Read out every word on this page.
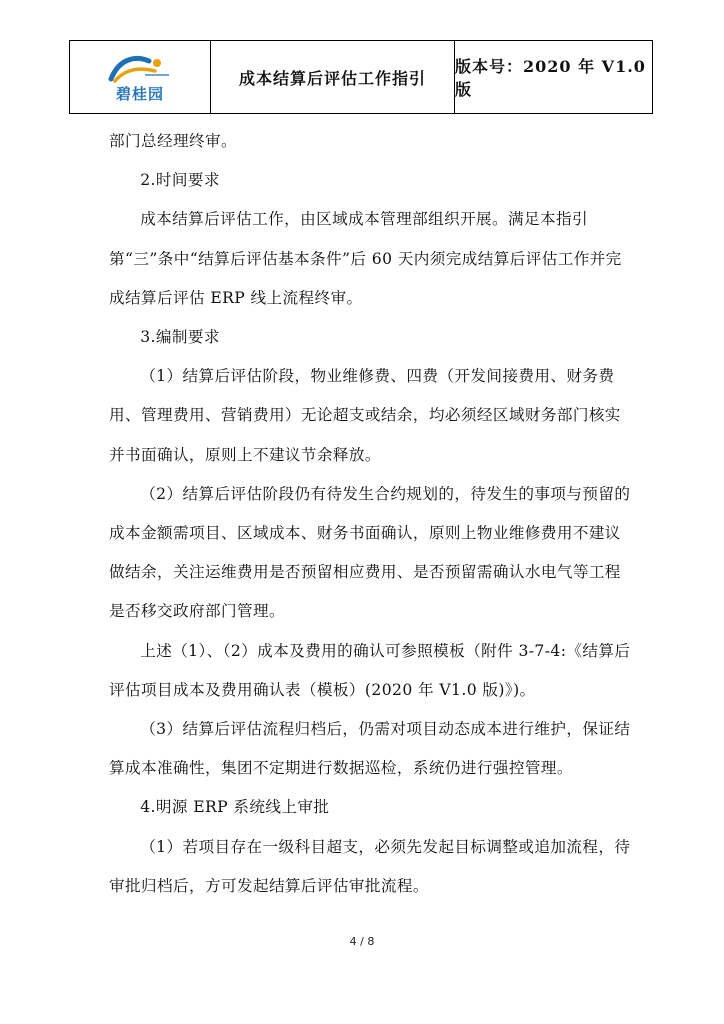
碧桂园
成本结算后评估工作指引
版本号：2020 年 V1.0 版

部门总经理终审。

2.时间要求

成本结算后评估工作，由区域成本管理部组织开展。满足本指引第“三”条中“结算后评估基本条件”后 60 天内须完成结算后评估工作并完成结算后评估 ERP 线上流程终审。

3.编制要求

（1）结算后评估阶段，物业维修费、四费（开发间接费用、财务费用、管理费用、营销费用）无论超支或结余，均必须经区域财务部门核实并书面确认，原则上不建议节余释放。

（2）结算后评估阶段仍有待发生合约规划的，待发生的事项与预留的成本金额需项目、区域成本、财务书面确认，原则上物业维修费用不建议做结余，关注运维费用是否预留相应费用、是否预留需确认水电气等工程是否移交政府部门管理。

上述（1）、（2）成本及费用的确认可参照模板（附件 3-7-4:《结算后评估项目成本及费用确认表（模板）(2020 年 V1.0 版)》)。

（3）结算后评估流程归档后，仍需对项目动态成本进行维护，保证结算成本准确性，集团不定期进行数据巡检，系统仍进行强控管理。

4.明源 ERP 系统线上审批

（1）若项目存在一级科目超支，必须先发起目标调整或追加流程，待审批归档后，方可发起结算后评估审批流程。

4 / 8
